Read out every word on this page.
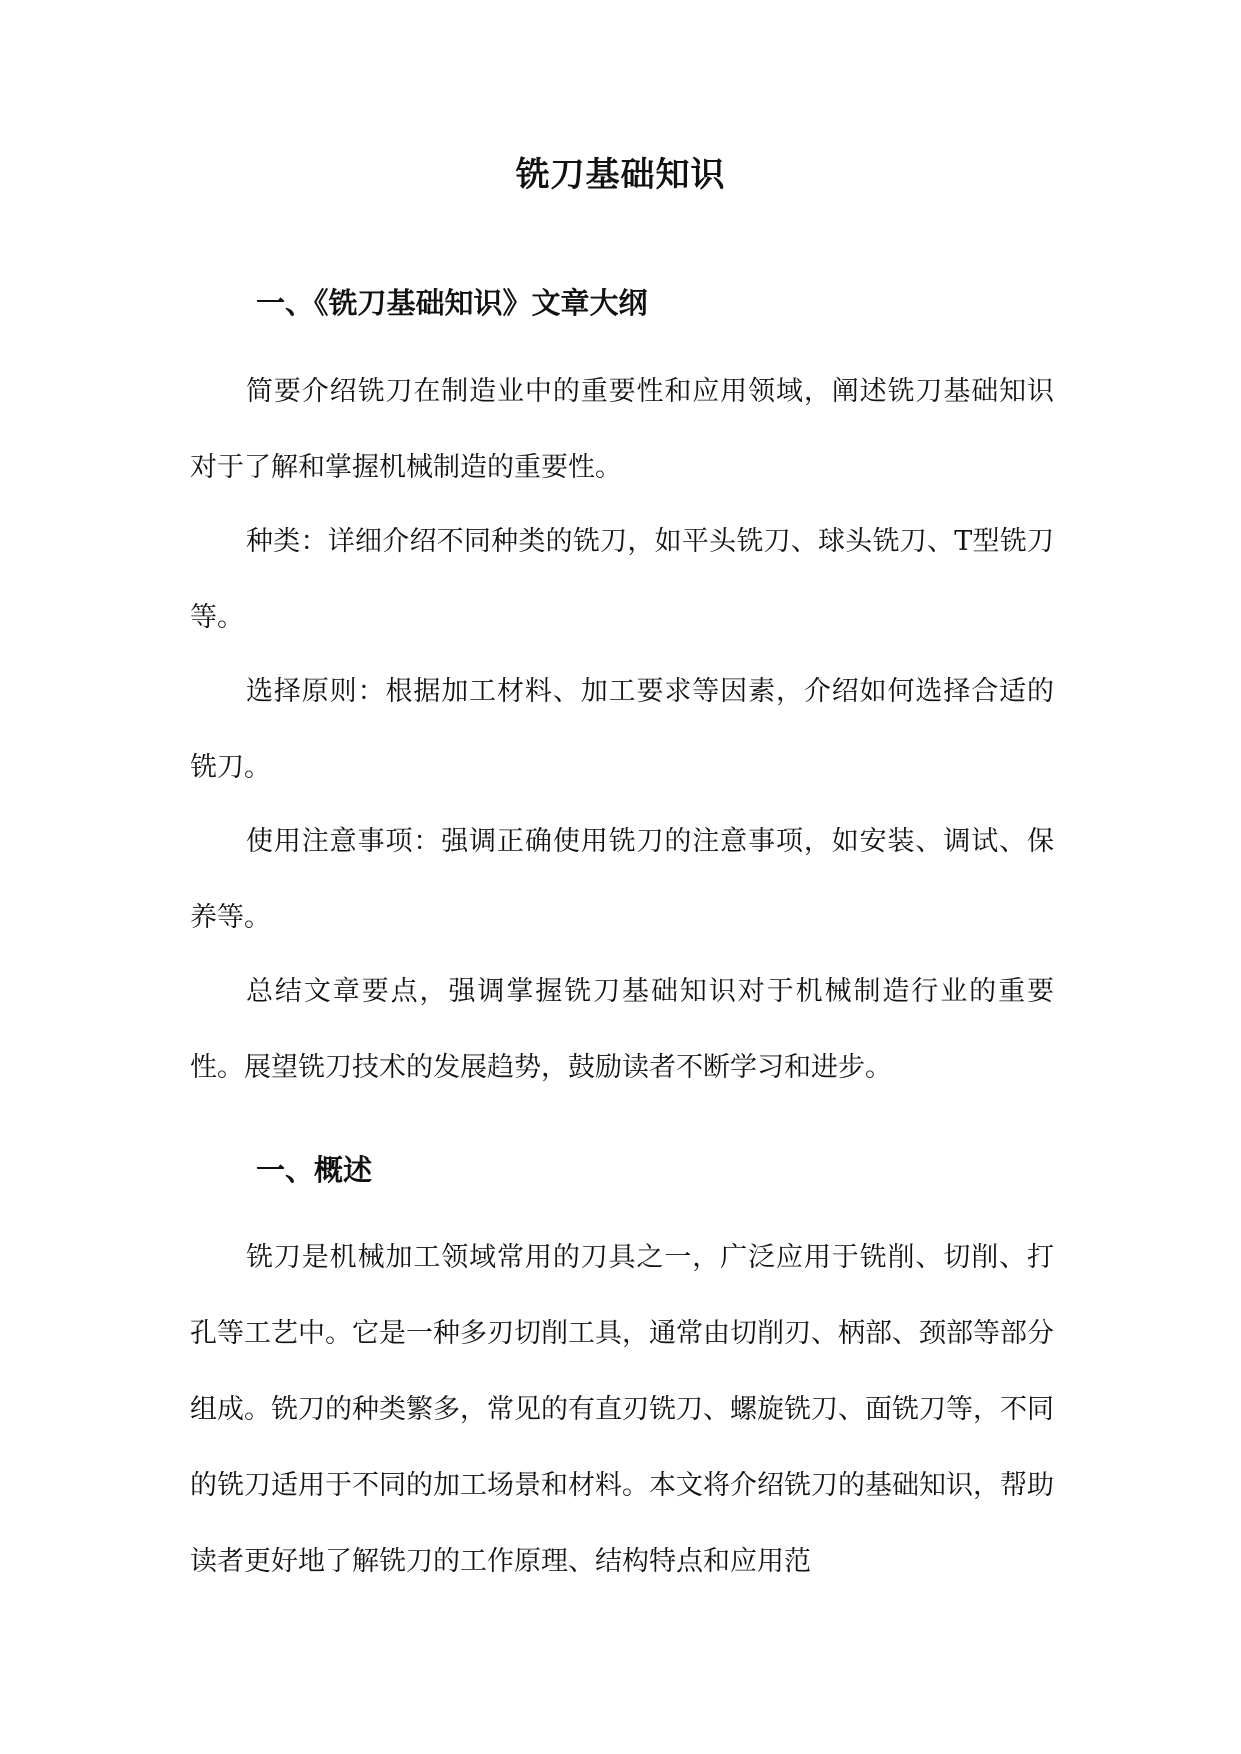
铣刀基础知识
一、《铣刀基础知识》文章大纲

简要介绍铣刀在制造业中的重要性和应用领域，阐述铣刀基础知识对于了解和掌握机械制造的重要性。

种类：详细介绍不同种类的铣刀，如平头铣刀、球头铣刀、T型铣刀等。

选择原则：根据加工材料、加工要求等因素，介绍如何选择合适的铣刀。

使用注意事项：强调正确使用铣刀的注意事项，如安装、调试、保养等。

总结文章要点，强调掌握铣刀基础知识对于机械制造行业的重要性。展望铣刀技术的发展趋势，鼓励读者不断学习和进步。

一、概述

铣刀是机械加工领域常用的刀具之一，广泛应用于铣削、切削、打孔等工艺中。它是一种多刃切削工具，通常由切削刃、柄部、颈部等部分组成。铣刀的种类繁多，常见的有直刃铣刀、螺旋铣刀、面铣刀等，不同的铣刀适用于不同的加工场景和材料。本文将介绍铣刀的基础知识，帮助读者更好地了解铣刀的工作原理、结构特点和应用范
